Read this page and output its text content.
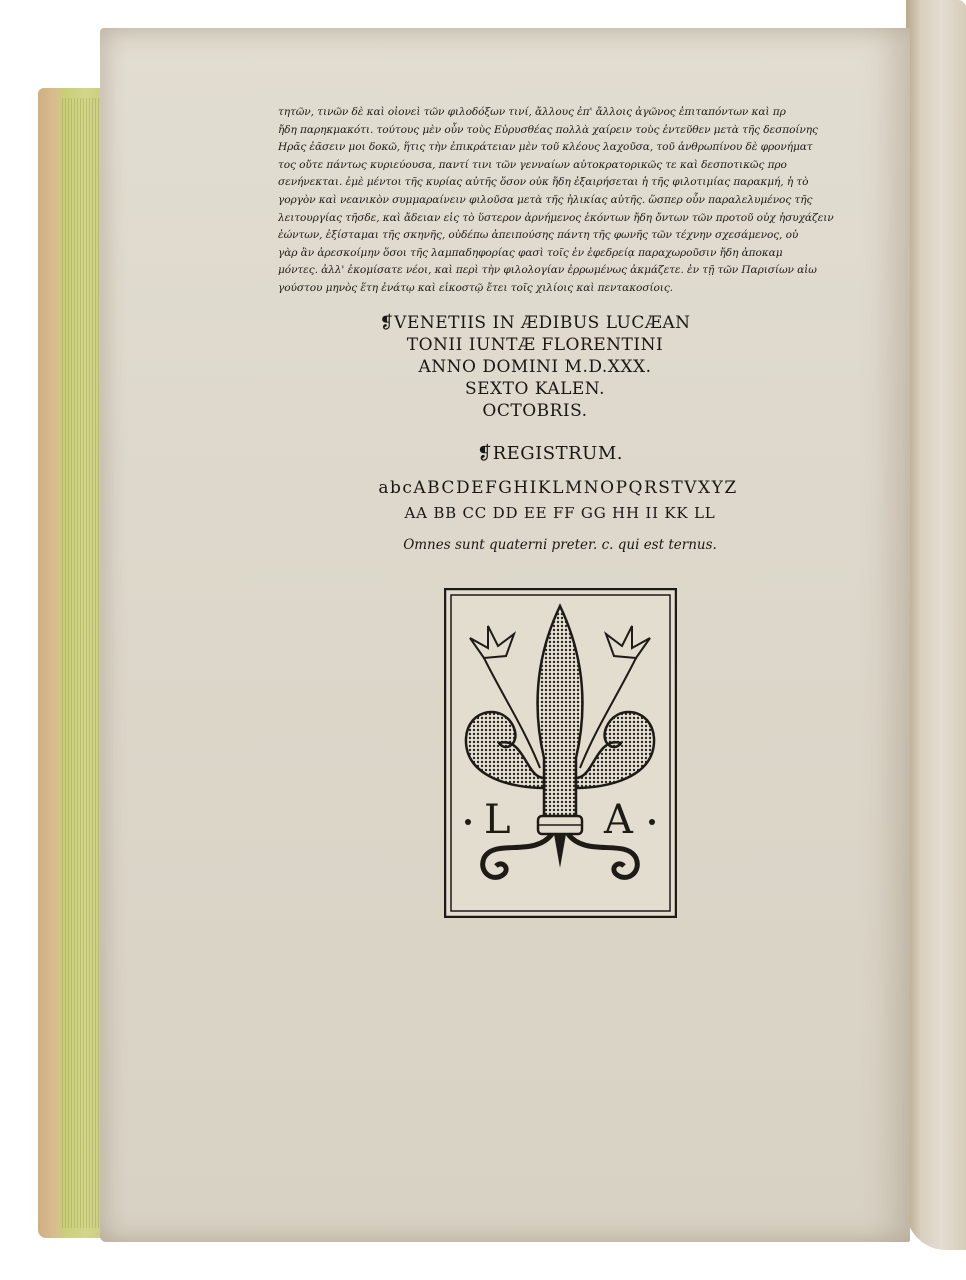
τητῶν, τινῶν δὲ καὶ οἰονεὶ τῶν φιλοδόξων τινί, ἄλλους ἐπ' ἄλλοις ἀγῶνος ἐπιταπόντων καὶ πρ
ἤδη παρηκμακότι. τούτους μὲν οὖν τοὺς Εὐρυσθέας πολλὰ χαίρειν τοὺς ἐντεῦθεν μετὰ τῆς δεσποίνης
Ηρᾶς ἐᾶσειν μοι δοκῶ, ἥτις τὴν ἐπικράτειαν μὲν τοῦ κλέους λαχοῦσα, τοῦ ἀνθρωπίνου δὲ φρονήματ
τος οὔτε πάντως κυριεύουσα, παντί τινι τῶν γενναίων αὐτοκρατορικῶς τε καὶ δεσποτικῶς προ
σενήνεκται. ἐμὲ μέντοι τῆς κυρίας αὐτῆς ὅσον οὐκ ἤδη ἐξαιρήσεται ἡ τῆς φιλοτιμίας παρακμή, ἡ τὸ
γοργὸν καὶ νεανικὸν συμμαραίνειν φιλοῦσα μετὰ τῆς ἡλικίας αὐτῆς. ὥσπερ οὖν παραλελυμένος τῆς
λειτουργίας τῆσδε, καὶ ἄδειαν εἰς τὸ ὕστερον ἀρνήμενος ἑκόντων ἤδη ὄντων τῶν προτοῦ οὐχ ἡσυχάζειν
ἐώντων, ἐξίσταμαι τῆς σκηνῆς, οὐδέπω ἀπειπούσης πάντη τῆς φωνῆς τῶν τέχνην σχεσάμενος, οὐ
γὰρ ἂν ἀρεσκοίμην ὅσοι τῆς λαμπαδηφορίας φασὶ τοῖς ἐν ἐφεδρείᾳ παραχωροῦσιν ἤδη ἀποκαμ
μόντες. ἀλλ' ἐκομίσατε νέοι, καὶ περὶ τὴν φιλολογίαν ἐρρωμένως ἀκμάζετε. ἐν τῇ τῶν Παρισίων αἰω
γούστου μηνὸς ἕτη ἐνάτῳ καὶ εἰκοστῷ ἔτει τοῖς χιλίοις καὶ πεντακοσίοις.
❡VENETIIS IN ÆDIBUS LUCÆAN
TONII IUNTÆ FLORENTINI
ANNO DOMINI M.D.XXX.
SEXTO KALEN.
OCTOBRIS.
❡REGISTRUM.
abcABCDEFGHIKLMNOPQRSTVXYZ
AA BB CC DD EE FF GG HH II KK LL
Omnes sunt quaterni preter. c. qui est ternus.
L A
